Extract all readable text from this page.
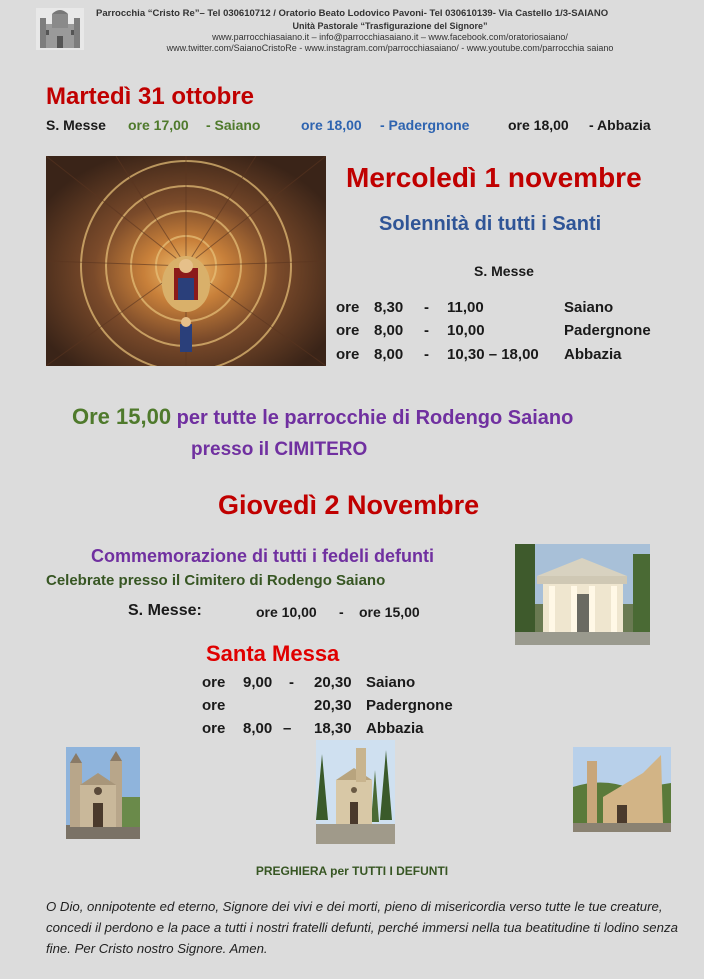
Parrocchia “Cristo Re”– Tel 030610712 / Oratorio Beato Lodovico Pavoni- Tel 030610139- Via Castello 1/3-SAIANO
Unità Pastorale “Trasfigurazione del Signore”
www.parrocchiasaiano.it – info@parrocchiasaiano.it – www.facebook.com/oratoriosaiano/
www.twitter.com/SaianoCristoRe - www.instagram.com/parrocchiasaiano/ - www.youtube.com/parrocchia saiano
Martedì 31 ottobre
S. Messe ore 17,00 - Saiano	ore 18,00 - Padergnone	ore 18,00 - Abbazia
Mercoledì 1 novembre
Solennità di tutti i Santi
S. Messe
ore 8,30 - 11,00	Saiano
ore 8,00 - 10,00	Padergnone
ore 8,00 - 10,30 – 18,00 Abbazia
Ore 15,00 per tutte le parrocchie di Rodengo Saiano
presso il CIMITERO
Giovedì 2 Novembre
Commemorazione di tutti i fedeli defunti
Celebrate presso il Cimitero di Rodengo Saiano
S. Messe:	ore 10,00 - ore 15,00
Santa Messa
ore 9,00 - 20,30 Saiano
ore	20,30 Padergnone
ore 8,00 – 18,30 Abbazia
PREGHIERA per TUTTI I DEFUNTI
O Dio, onnipotente ed eterno, Signore dei vivi e dei morti, pieno di misericordia verso tutte le tue creature, concedi il perdono e la pace a tutti i nostri fratelli defunti, perché immersi nella tua beatitudine ti lodino senza fine. Per Cristo nostro Signore. Amen.
